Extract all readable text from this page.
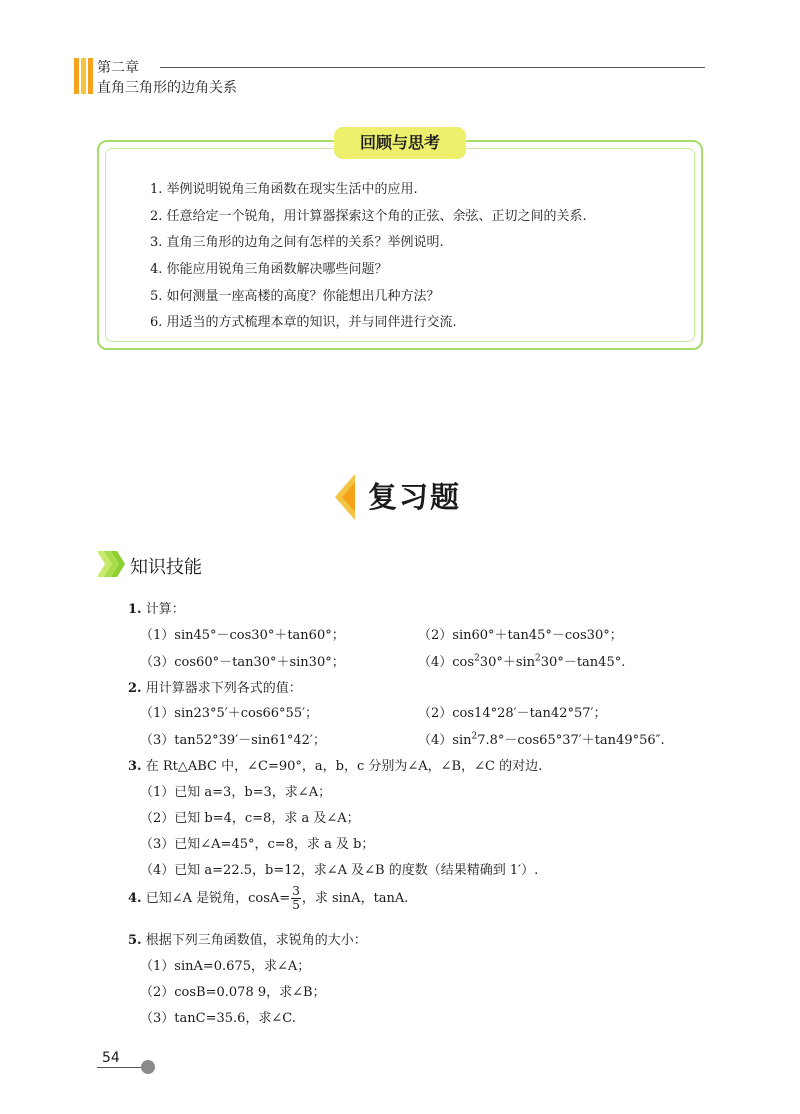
第二章
直角三角形的边角关系
回顾与思考
1. 举例说明锐角三角函数在现实生活中的应用.
2. 任意给定一个锐角，用计算器探索这个角的正弦、余弦、正切之间的关系.
3. 直角三角形的边角之间有怎样的关系？举例说明.
4. 你能应用锐角三角函数解决哪些问题？
5. 如何测量一座高楼的高度？你能想出几种方法？
6. 用适当的方式梳理本章的知识，并与同伴进行交流.
复习题
知识技能
1. 计算：
（1）sin45°－cos30°＋tan60°；	（2）sin60°＋tan45°－cos30°；
（3）cos60°－tan30°＋sin30°；	$(4)\cos^230^\circ+\sin^230^\circ-\tan 45^\circ$.
2. 用计算器求下列各式的值：
（1）sin23°5′＋cos66°55′；	（2）cos14°28′－tan42°57′；
（3）tan52°39′－sin61°42′；	$(4)\sin^27.8^\circ-\cos 65^\circ 37'+\tan 49^\circ 56''$.
3. 在 Rt△ABC 中，∠C=90°，a，b，c 分别为∠A，∠B，∠C 的对边.
（1）已知 a=3，b=3，求∠A；
（2）已知 b=4，c=8，求 a 及∠A；
（3）已知∠A=45°，c=8，求 a 及 b；
（4）已知 a=22.5，b=12，求∠A 及∠B 的度数（结果精确到 1′）.
4. 已知∠A 是锐角，$\cos A= \frac{3}{5}$ ，求 sinA，tanA.
5. 根据下列三角函数值，求锐角的大小：
（1）sinA=0.675，求∠A；
（2）cosB=0.078 9，求∠B；
（3）tanC=35.6，求∠C.
54
